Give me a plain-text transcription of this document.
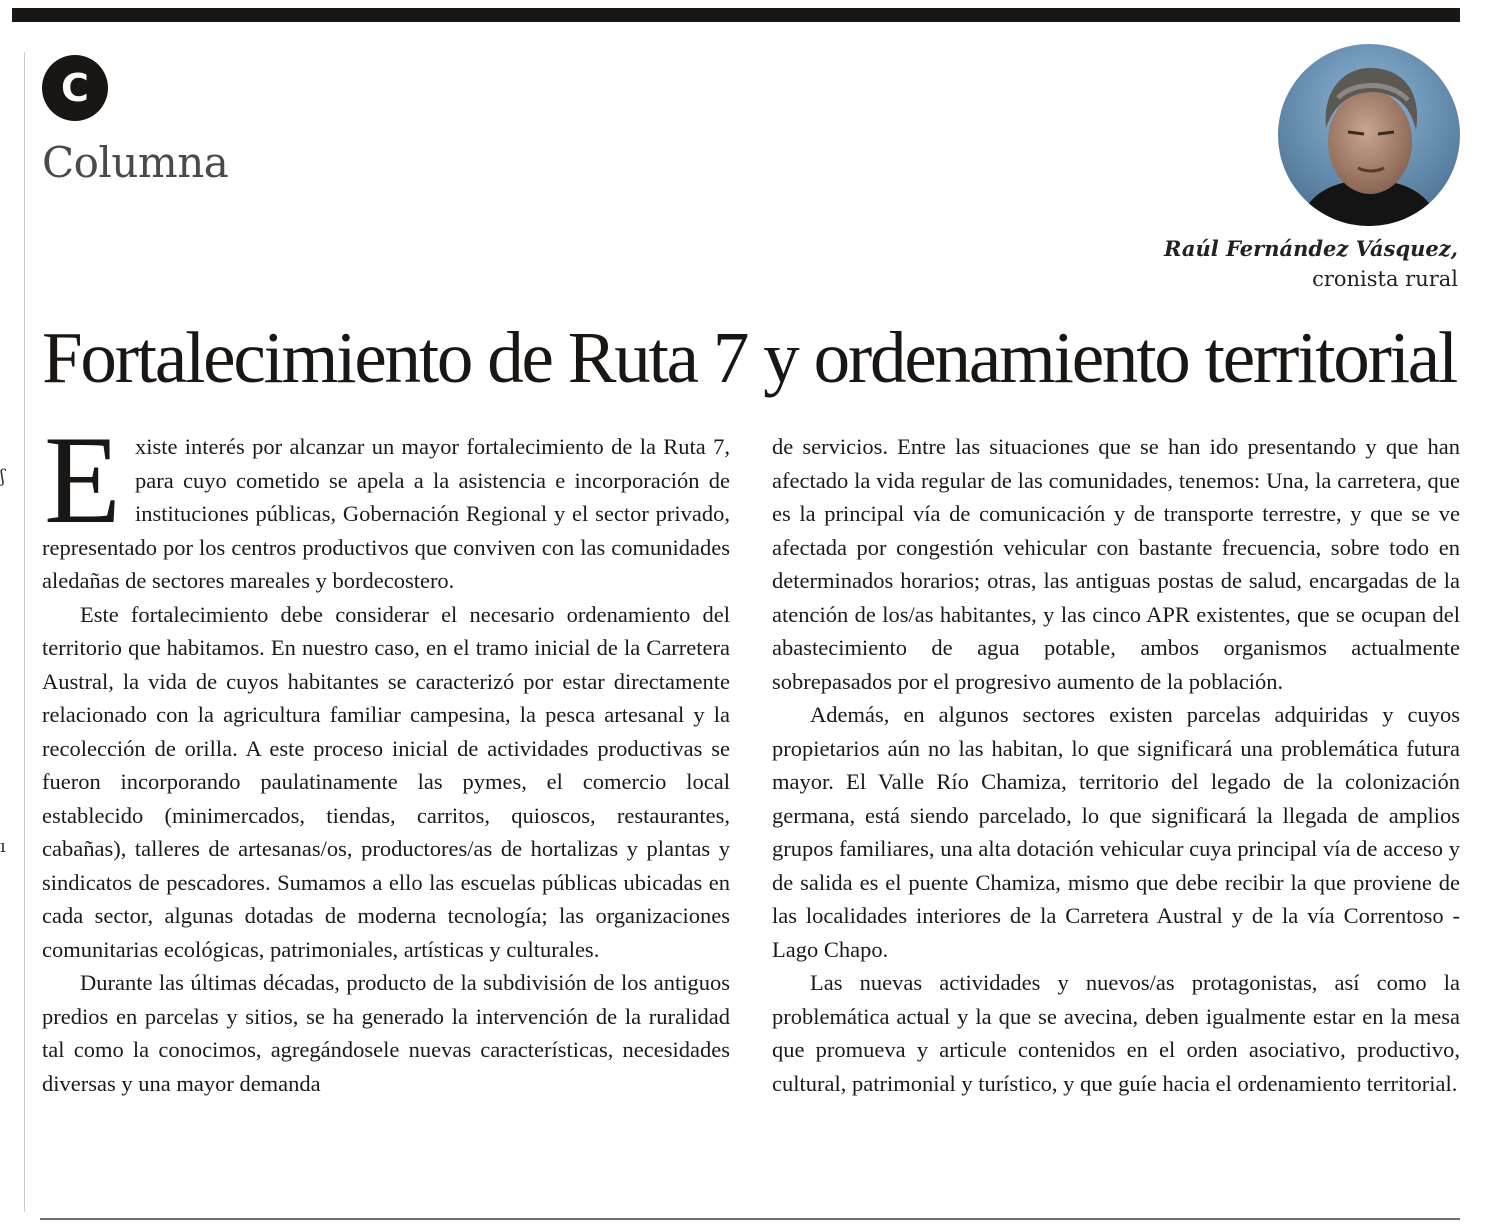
ʃ
ı
C
Columna
Raúl Fernández Vásquez,
cronista rural
Fortalecimiento de Ruta 7 y ordenamiento territorial

Existe interés por alcanzar un mayor fortalecimiento de la Ruta 7, para cuyo cometido se apela a la asistencia e incorporación de instituciones públicas, Gobernación Regional y el sector privado, representado por los centros productivos que conviven con las comunidades aledañas de sectores mareales y bordecostero.

Este fortalecimiento debe considerar el necesario ordenamiento del territorio que habitamos. En nuestro caso, en el tramo inicial de la Carretera Austral, la vida de cuyos habitantes se caracterizó por estar directamente relacionado con la agricultura familiar campesina, la pesca artesanal y la recolección de orilla. A este proceso inicial de actividades productivas se fueron incorporando paulatinamente las pymes, el comercio local establecido (minimercados, tiendas, carritos, quioscos, restaurantes, cabañas), talleres de artesanas/os, productores/as de hortalizas y plantas y sindicatos de pescadores. Sumamos a ello las escuelas públicas ubicadas en cada sector, algunas dotadas de moderna tecnología; las organizaciones comunitarias ecológicas, patrimoniales, artísticas y culturales.

Durante las últimas décadas, producto de la subdivisión de los antiguos predios en parcelas y sitios, se ha generado la intervención de la ruralidad tal como la conocimos, agregándosele nuevas características, necesidades diversas y una mayor demanda

de servicios. Entre las situaciones que se han ido presentando y que han afectado la vida regular de las comunidades, tenemos: Una, la carretera, que es la principal vía de comunicación y de transporte terrestre, y que se ve afectada por congestión vehicular con bastante frecuencia, sobre todo en determinados horarios; otras, las antiguas postas de salud, encargadas de la atención de los/as habitantes, y las cinco APR existentes, que se ocupan del abastecimiento de agua potable, ambos organismos actualmente sobrepasados por el progresivo aumento de la población.

Además, en algunos sectores existen parcelas adquiridas y cuyos propietarios aún no las habitan, lo que significará una problemática futura mayor. El Valle Río Chamiza, territorio del legado de la colonización germana, está siendo parcelado, lo que significará la llegada de amplios grupos familiares, una alta dotación vehicular cuya principal vía de acceso y de salida es el puente Chamiza, mismo que debe recibir la que proviene de las localidades interiores de la Carretera Austral y de la vía Correntoso - Lago Chapo.

Las nuevas actividades y nuevos/as protagonistas, así como la problemática actual y la que se avecina, deben igualmente estar en la mesa que promueva y articule contenidos en el orden asociativo, productivo, cultural, patrimonial y turístico, y que guíe hacia el ordenamiento territorial.
